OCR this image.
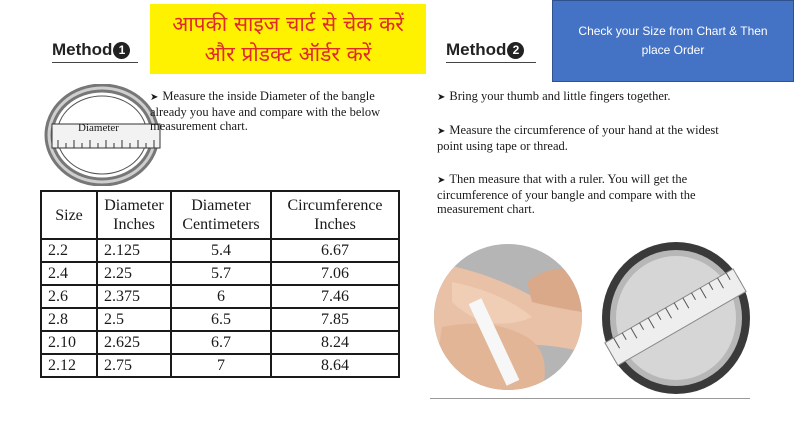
आपकी साइज चार्ट से चेक करें
और प्रोडक्ट ऑर्डर करें
Check your Size from Chart & Then place Order
Method 1
Diameter
➤ Measure the inside Diameter of the bangle already you have and compare with the below measurement chart.
Size	Diameter Inches	Diameter Centimeters	Circumference Inches
2.2	2.125	5.4	6.67
2.4	2.25	5.7	7.06
2.6	2.375	6	7.46
2.8	2.5	6.5	7.85
2.10	2.625	6.7	8.24
2.12	2.75	7	8.64
Method 2
➤ Bring your thumb and little fingers together.
➤ Measure the circumference of your hand at the widest point using tape or thread.
➤ Then measure that with a ruler. You will get the circumference of your bangle and compare with the measurement chart.
